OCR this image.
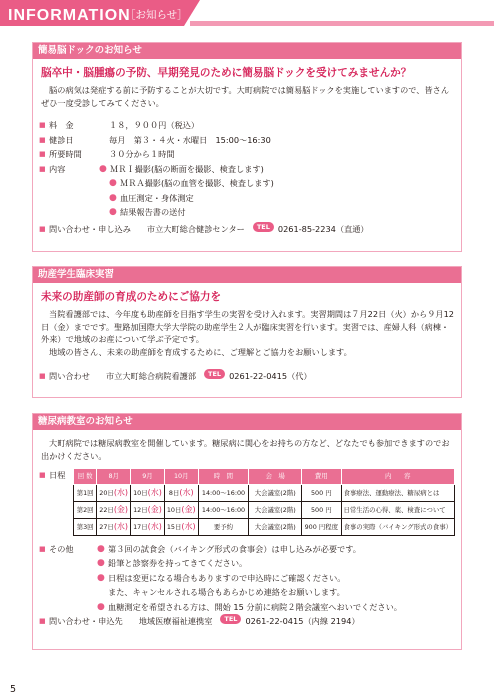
INFORMATION
［お知らせ］
簡易脳ドックのお知らせ
脳卒中・脳腫瘍の予防、早期発見のために簡易脳ドックを受けてみませんか？
脳の病気は発症する前に予防することが大切です。大町病院では簡易脳ドックを実施していますので、皆さんぜひ一度受診してみてください。
■ 料　金	１８，９００円（税込）
■ 健診日	毎月　第３・４火・水曜日　15:00～16:30
■ 所要時間	３０分から１時間
■ 内容	● ＭＲＩ撮影(脳の断面を撮影、検査します)
● ＭＲＡ撮影(脳の血管を撮影、検査します)
● 血圧測定・身体測定
● 結果報告書の送付
■ 問い合わせ・申し込み 市立大町総合健診センター	TEL 0261-85-2234（直通）
助産学生臨床実習
未来の助産師の育成のためにご協力を
当院看護部では、今年度も助産師を目指す学生の実習を受け入れます。実習期間は７月22日（火）から９月12日（金）までです。聖路加国際大学大学院の助産学生２人が臨床実習を行います。実習では、産婦人科（病棟・外来）で地域のお産について学ぶ予定です。
地域の皆さん、未来の助産師を育成するために、ご理解とご協力をお願いします。
■ 問い合わせ 市立大町総合病院看護部	TEL 0261-22-0415（代）
糖尿病教室のお知らせ
大町病院では糖尿病教室を開催しています。糖尿病に関心をお持ちの方など、どなたでも参加できますのでお出かけください。
■ 日程	回 数	8月	9月	10月	時　間	会　場	費用	内　　容
第1回	20日(水)	10日(水)	8日(水)	14:00～16:00	大会議室(2階)	500 円	食事療法、運動療法、糖尿病とは
第2回	22日(金)	12日(金)	10日(金)	14:00～16:00	大会議室(2階)	500 円	日常生活の心得、薬、検査について
第3回	27日(水)	17日(水)	15日(水)	要予約	大会議室(2階)	900 円程度	食事の実際（バイキング形式の食事）
■ その他	● 第３回の試食会（バイキング形式の食事会）は申し込みが必要です。
● 鉛筆と診察券を持ってきてください。
● 日程は変更になる場合もありますので申込時にご確認ください。
また、キャンセルされる場合もあらかじめ連絡をお願いします。
● 血糖測定を希望される方は、開始 15 分前に病院２階会議室へおいでください。
■ 問い合わせ・申込先 地域医療福祉連携室	TEL 0261-22-0415（内線 2194）
5
